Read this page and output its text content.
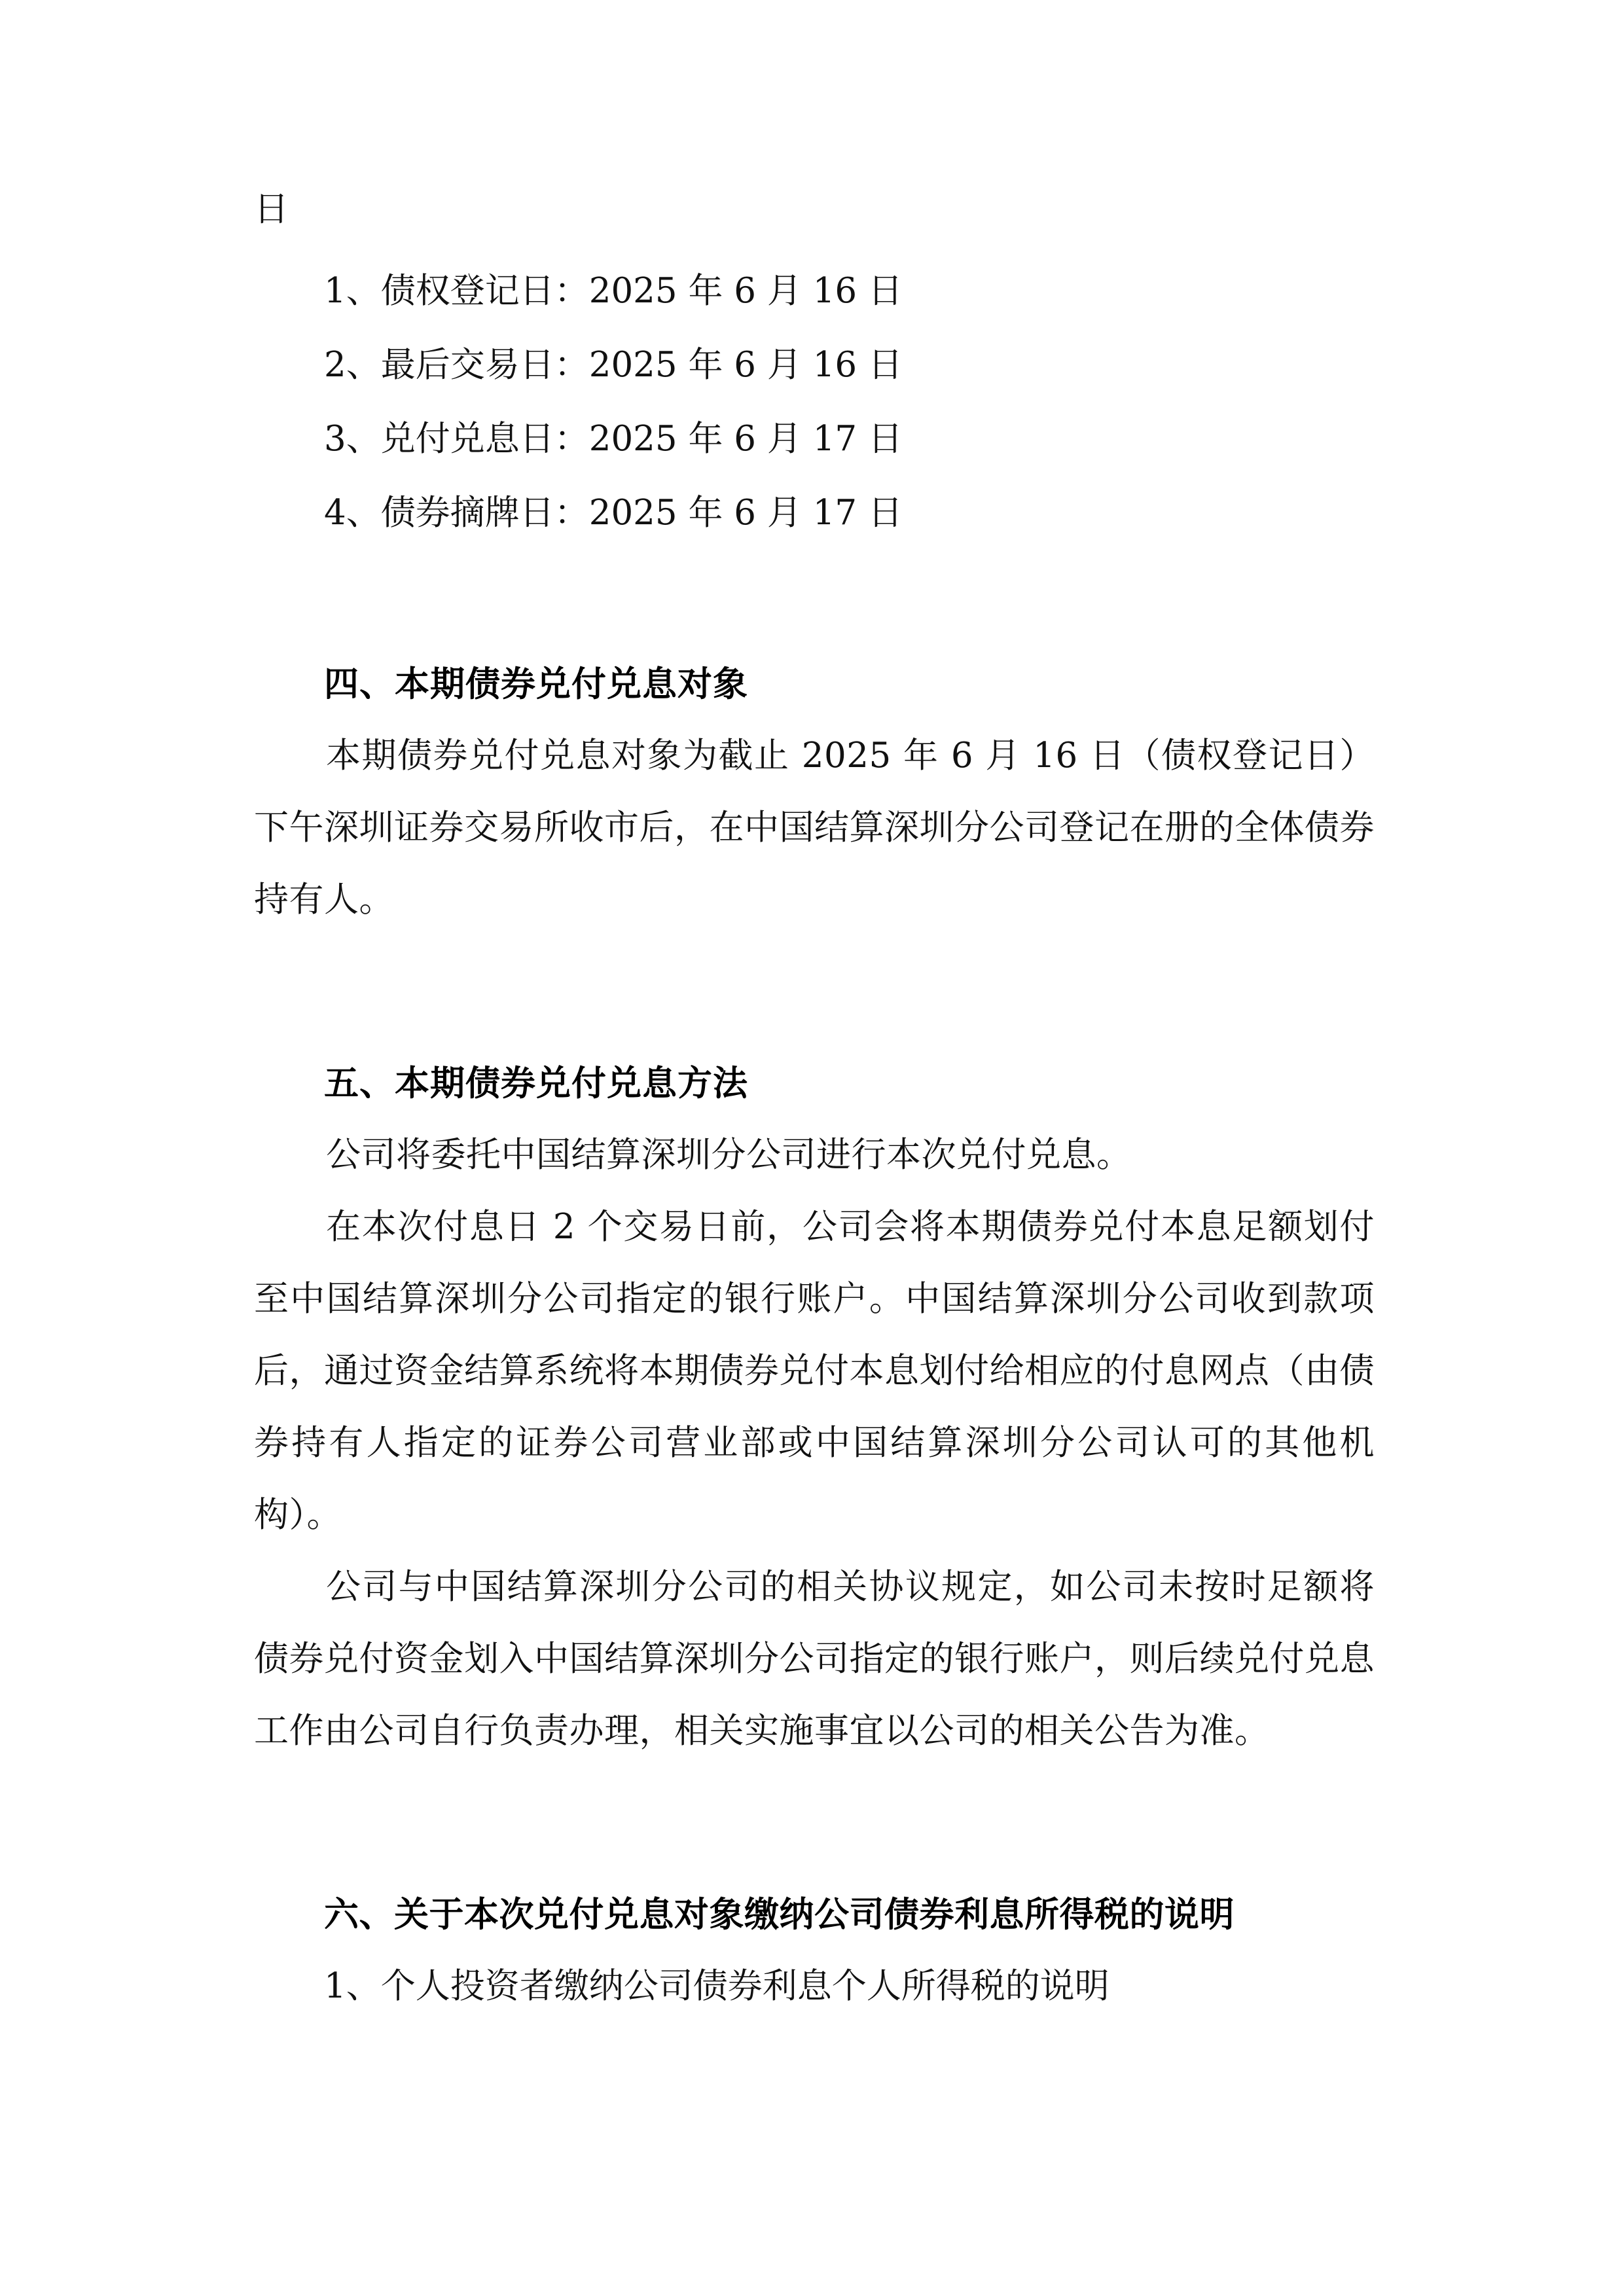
日
1、债权登记日：2025 年 6 月 16 日
2、最后交易日：2025 年 6 月 16 日
3、兑付兑息日：2025 年 6 月 17 日
4、债券摘牌日：2025 年 6 月 17 日
四、本期债券兑付兑息对象

本期债券兑付兑息对象为截止 2025 年 6 月 16 日（债权登记日）下午深圳证券交易所收市后，在中国结算深圳分公司登记在册的全体债券持有人。

五、本期债券兑付兑息方法

公司将委托中国结算深圳分公司进行本次兑付兑息。

在本次付息日 2 个交易日前，公司会将本期债券兑付本息足额划付至中国结算深圳分公司指定的银行账户。中国结算深圳分公司收到款项后，通过资金结算系统将本期债券兑付本息划付给相应的付息网点（由债券持有人指定的证券公司营业部或中国结算深圳分公司认可的其他机构）。

公司与中国结算深圳分公司的相关协议规定，如公司未按时足额将债券兑付资金划入中国结算深圳分公司指定的银行账户，则后续兑付兑息工作由公司自行负责办理，相关实施事宜以公司的相关公告为准。

六、关于本次兑付兑息对象缴纳公司债券利息所得税的说明
1、个人投资者缴纳公司债券利息个人所得税的说明
